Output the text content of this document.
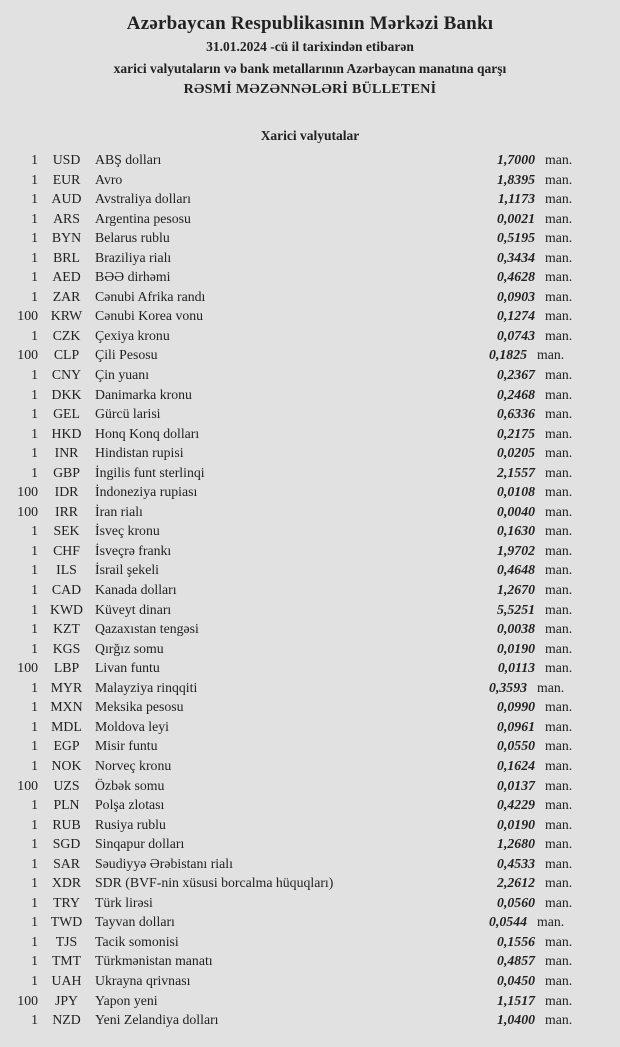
Azərbaycan Respublikasının Mərkəzi Bankı
31.01.2024 -cü il tarixindən etibarən
xarici valyutaların və bank metallarının Azərbaycan manatına qarşı
RƏSMİ MƏZƏNNƏLƏRİ BÜLLETENİ
Xarici valyutalar
1	USD	ABŞ dolları	1,7000 man.
1	EUR	Avro	1,8395 man.
1 AUD Avstraliya dolları	1,1173 man.
1	ARS	Argentina pesosu	0,0021 man.
1	BYN	Belarus rublu	0,5195 man.
1	BRL	Braziliya rialı	0,3434 man.
1	AED	BƏƏ dirhəmi	0,4628 man.
1	ZAR	Cənubi Afrika randı	0,0903 man.
100 KRW Cənubi Korea vonu	0,1274 man.
1	CZK	Çexiya kronu	0,0743 man.
100	CLP	Çili Pesosu	0,1825 man.
1	CNY	Çin yuanı	0,2367 man.
1 DKK Danimarka kronu	0,2468 man.
1	GEL	Gürcü larisi	0,6336 man.
1 HKD Honq Konq dolları	0,2175 man.
1	INR	Hindistan rupisi	0,0205 man.
1	GBP	İngilis funt sterlinqi	2,1557 man.
100	IDR	İndoneziya rupiası	0,0108 man.
100	IRR	İran rialı	0,0040 man.
1	SEK	İsveç kronu	0,1630 man.
1	CHF	İsveçrə frankı	1,9702 man.
1	ILS	İsrail şekeli	0,4648 man.
1	CAD	Kanada dolları	1,2670 man.
1 KWD Küveyt dinarı	5,5251 man.
1	KZT	Qazaxıstan tengəsi	0,0038 man.
1	KGS	Qırğız somu	0,0190 man.
100	LBP	Livan funtu	0,0113 man.
1 MYR Malayziya rinqqiti	0,3593 man.
1 MXN Meksika pesosu	0,0990 man.
1 MDL Moldova leyi	0,0961 man.
1	EGP	Misir funtu	0,0550 man.
1 NOK Norveç kronu	0,1624 man.
100	UZS	Özbək somu	0,0137 man.
1	PLN	Polşa zlotası	0,4229 man.
1	RUB	Rusiya rublu	0,0190 man.
1	SGD	Sinqapur dolları	1,2680 man.
1	SAR	Səudiyyə Ərəbistanı rialı	0,4533 man.
1	XDR	SDR (BVF-nin xüsusi borcalma hüquqları)	2,2612 man.
1	TRY	Türk lirəsi	0,0560 man.
1 TWD Tayvan dolları	0,0544 man.
1	TJS	Tacik somonisi	0,1556 man.
1	TMT	Türkmənistan manatı	0,4857 man.
1 UAH Ukrayna qrivnası	0,0450 man.
100	JPY	Yapon yeni	1,1517 man.
1	NZD	Yeni Zelandiya dolları	1,0400 man.
